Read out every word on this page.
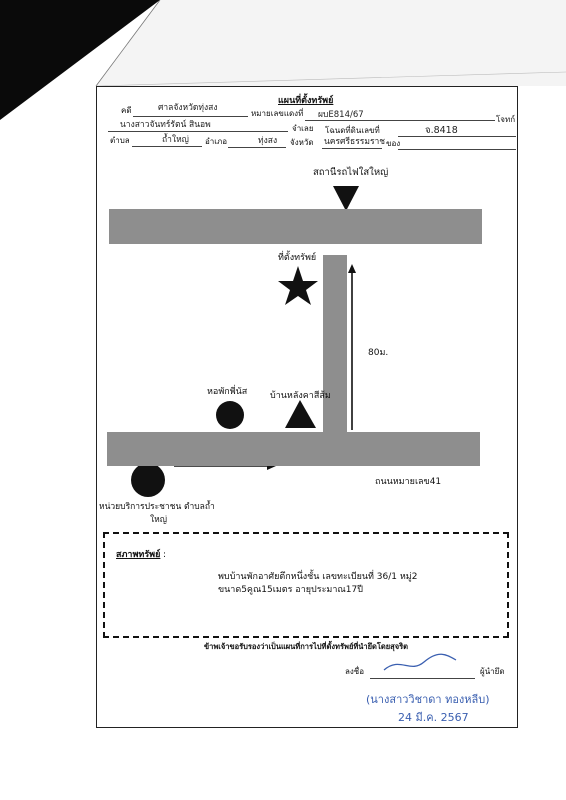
แผนที่ตั้งทรัพย์
คดี	ศาลจังหวัดทุ่งสง
หมายเลขแดงที่ ผบE814/67	โจทก์
นางสาวจันทร์รัตน์ สินอพ	จำเลย โฉนดที่ดินเลขที่	จ.8418
ตำบล	ถ้ำใหญ่ อำเภอ	ทุ่งสง จังหวัด นครศรีธรรมราช ของ
สถานีรถไฟใสใหญ่
ที่ตั้งทรัพย์
80ม.
หอพักพี่นัส	บ้านหลังคาสีส้ม
ถนนหมายเลข41
หน่วยบริการประชาชน ตำบลถ้ำ
ใหญ่
สภาพทรัพย์ :
พบบ้านพักอาศัยตึกหนึ่งชั้น เลขทะเบียนที่ 36/1 หมู่2
ขนาด5คูณ15เมตร อายุประมาณ17ปี
ข้าพเจ้าขอรับรองว่าเป็นแผนที่การไปที่ตั้งทรัพย์ที่นำยึดโดยสุจริต
ลงชื่อ	ผู้นำยึด
(นางสาววิชาดา ทองหลีบ)
24 มี.ค. 2567
